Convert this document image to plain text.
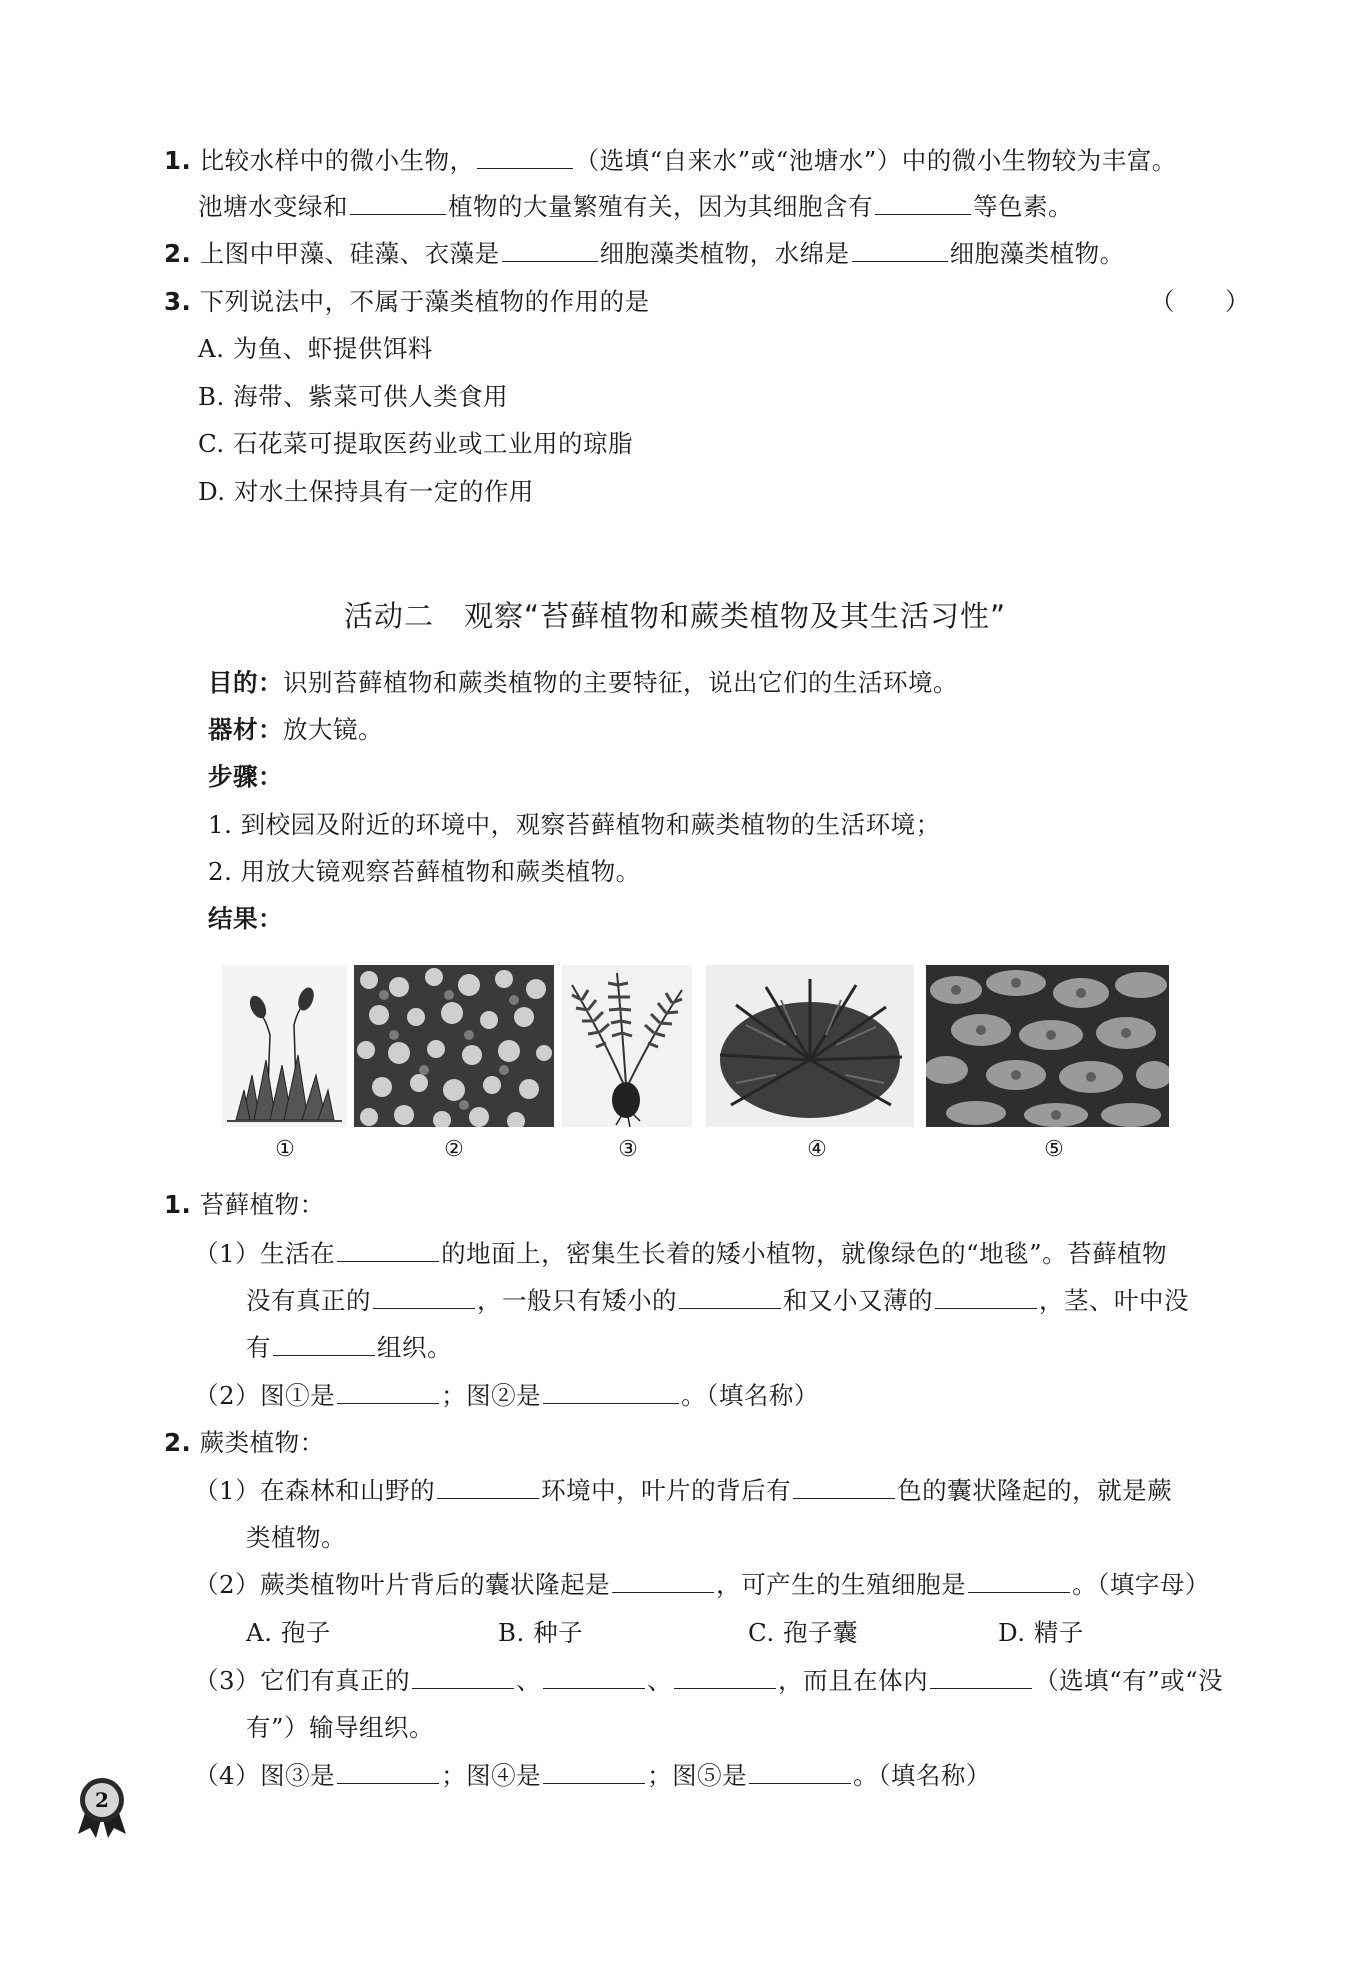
1. 比较水样中的微小生物，	（选填“自来水”或“池塘水”）中的微小生物较为丰富。
池塘水变绿和	植物的大量繁殖有关，因为其细胞含有	等色素。
2. 上图中甲藻、硅藻、衣藻是	细胞藻类植物，水绵是	细胞藻类植物。
3. 下列说法中，不属于藻类植物的作用的是	（　　）
A. 为鱼、虾提供饵料
B. 海带、紫菜可供人类食用
C. 石花菜可提取医药业或工业用的琼脂
D. 对水土保持具有一定的作用
活动二　观察“苔藓植物和蕨类植物及其生活习性”
目的：识别苔藓植物和蕨类植物的主要特征，说出它们的生活环境。
器材：放大镜。
步骤：
1. 到校园及附近的环境中，观察苔藓植物和蕨类植物的生活环境；
2. 用放大镜观察苔藓植物和蕨类植物。
结果：
①	②	③	④	⑤
1. 苔藓植物：
（1）生活在	的地面上，密集生长着的矮小植物，就像绿色的“地毯”。苔藓植物
没有真正的	，一般只有矮小的	和又小又薄的	，茎、叶中没
有	组织。
（2）图①是	；图②是	。（填名称）
2. 蕨类植物：
（1）在森林和山野的	环境中，叶片的背后有	色的囊状隆起的，就是蕨
类植物。
（2）蕨类植物叶片背后的囊状隆起是	，可产生的生殖细胞是	。（填字母）
A. 孢子	B. 种子	C. 孢子囊	D. 精子
（3）它们有真正的	、	、	，而且在体内	（选填“有”或“没
有”）输导组织。
（4）图③是	；图④是	；图⑤是	。（填名称）
2
